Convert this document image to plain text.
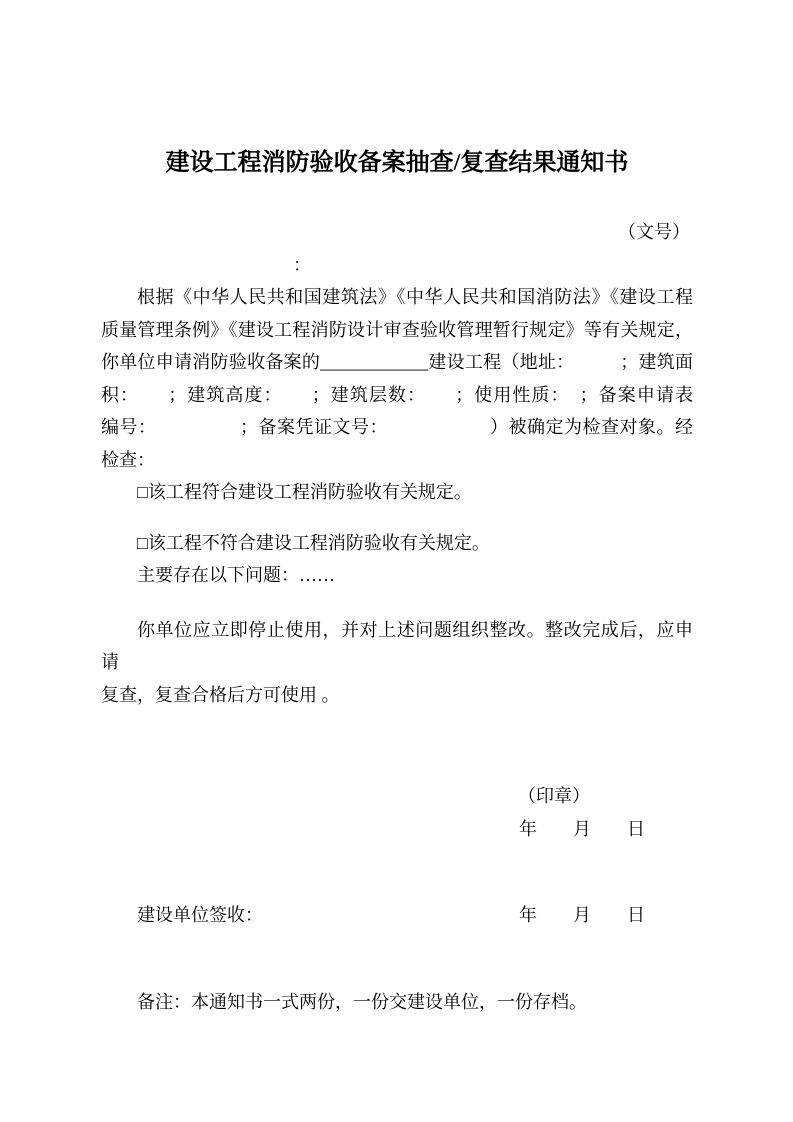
建设工程消防验收备案抽查/复查结果通知书
（文号）
：
根据《中华人民共和国建筑法》《中华人民共和国消防法》《建设工程
质量管理条例》《建设工程消防设计审查验收管理暂行规定》等有关规定，
你单位申请消防验收备案的____________建设工程（地址：　　　；建筑面
积：　　；建筑高度：　　；建筑层数：　　；使用性质：　；备案申请表
编号：　　　　　；备案凭证文号：　　　　　　）被确定为检查对象。经
检查：
□该工程符合建设工程消防验收有关规定。
□该工程不符合建设工程消防验收有关规定。
主要存在以下问题：……
你单位应立即停止使用，并对上述问题组织整改。整改完成后，应申请
复查，复查合格后方可使用 。
（印章）
年　　月　　日
建设单位签收：	年　　月　　日
备注：本通知书一式两份，一份交建设单位，一份存档。
